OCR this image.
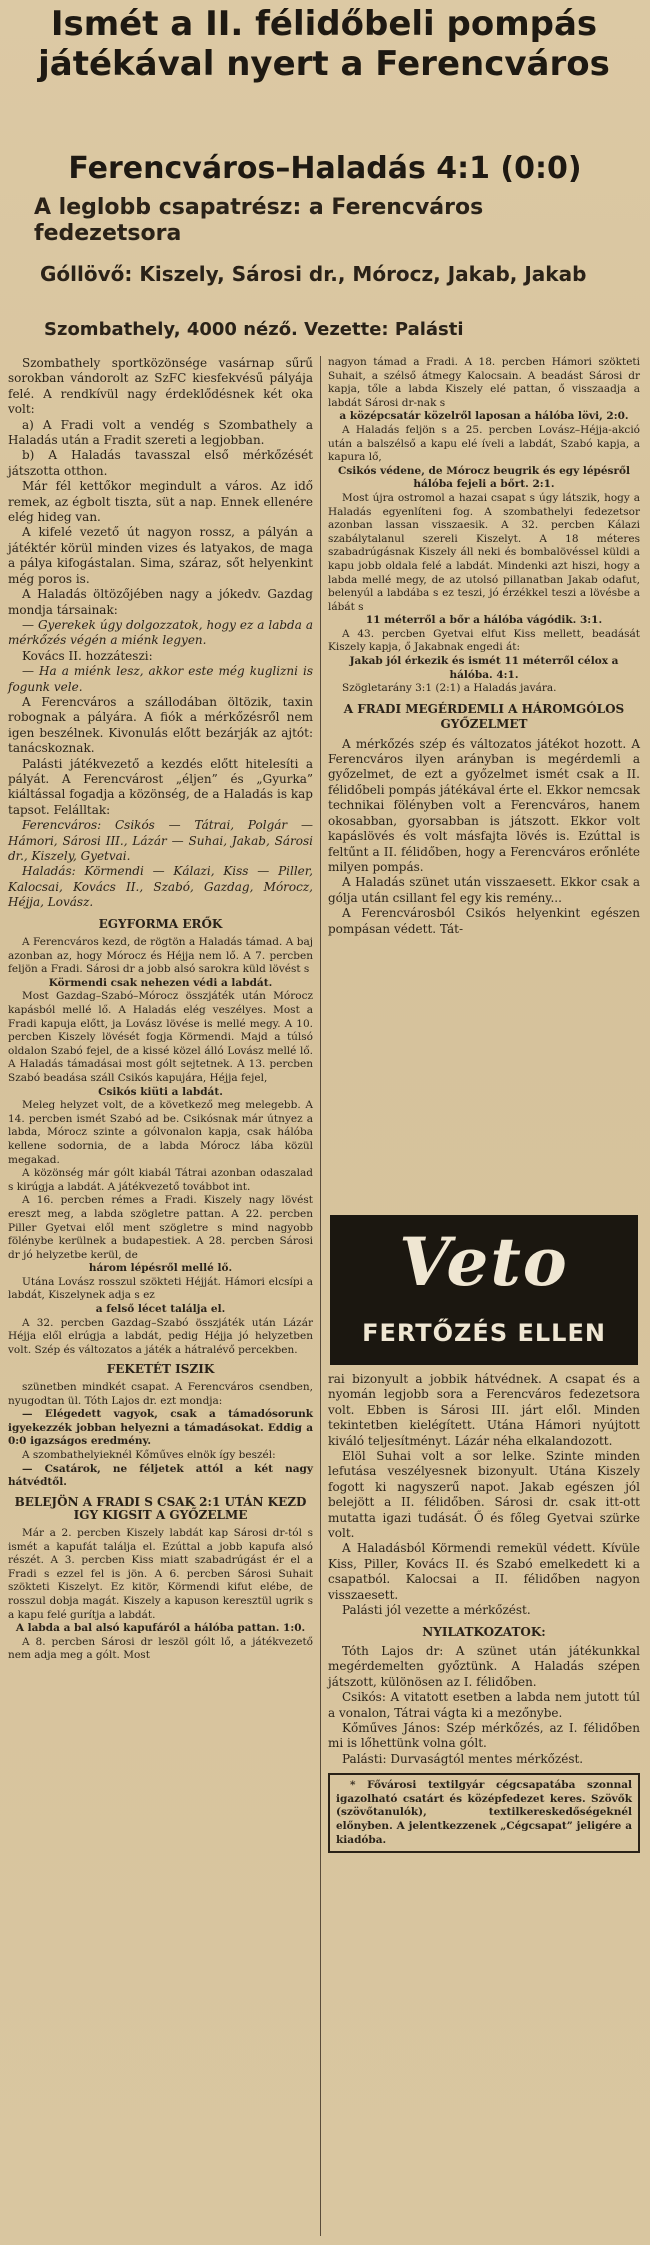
Ismét a II. félidőbeli pompás játékával nyert a Ferencváros
Ferencváros–Haladás 4:1 (0:0)
A leglobb csapatrész: a Ferencváros fedezetsora
Góllövő: Kiszely, Sárosi dr., Mórocz, Jakab, Jakab
Szombathely, 4000 néző. Vezette: Palásti

Szombathely sportközönsége vasárnap sűrű sorokban vándorolt az SzFC kiesfekvésű pályája felé. A rendkívül nagy érdeklődésnek két oka volt:

a) A Fradi volt a vendég s Szombathely a Haladás után a Fradit szereti a legjobban.

b) A Haladás tavasszal első mérkőzését játszotta otthon.

Már fél kettőkor megindult a város. Az idő remek, az égbolt tiszta, süt a nap. Ennek ellenére elég hideg van.

A kifelé vezető út nagyon rossz, a pályán a játéktér körül minden vizes és latyakos, de maga a pálya kifogástalan. Sima, száraz, sőt helyenkint még poros is.

A Haladás öltözőjében nagy a jókedv. Gazdag mondja társainak:

— Gyerekek úgy dolgozzatok, hogy ez a labda a mérkőzés végén a miénk legyen.

Kovács II. hozzáteszi:

— Ha a miénk lesz, akkor este még kuglizni is fogunk vele.

A Ferencváros a szállodában öltözik, taxin robognak a pályára. A fiók a mérkőzésről nem igen beszélnek. Kivonulás előtt bezárják az ajtót: tanácskoznak.

Palásti játékvezető a kezdés előtt hitelesíti a pályát. A Ferencvárost „éljen” és „Gyurka” kiáltással fogadja a közönség, de a Haladás is kap tapsot. Felálltak:

Ferencváros: Csikós — Tátrai, Polgár — Hámori, Sárosi III., Lázár — Suhai, Jakab, Sárosi dr., Kiszely, Gyetvai.

Haladás: Körmendi — Kálazi, Kiss — Piller, Kalocsai, Kovács II., Szabó, Gazdag, Mórocz, Héjja, Lovász.

EGYFORMA ERŐK

A Ferencváros kezd, de rögtön a Haladás támad. A baj azonban az, hogy Mórocz és Héjja nem lő. A 7. percben feljön a Fradi. Sárosi dr a jobb alsó sarokra küld lövést s

Körmendi csak nehezen védi a labdát.

Most Gazdag–Szabó–Mórocz összjáték után Mórocz kapásból mellé lő. A Haladás elég veszélyes. Most a Fradi kapuja előtt, ja Lovász lövése is mellé megy. A 10. percben Kiszely lövését fogja Körmendi. Majd a túlsó oldalon Szabó fejel, de a kissé közel álló Lovász mellé lő. A Haladás támadásai most gólt sejtetnek. A 13. percben Szabó beadása száll Csikós kapujára, Héjja fejel,

Csikós kiüti a labdát.

Meleg helyzet volt, de a következő meg melegebb. A 14. percben ismét Szabó ad be. Csikósnak már útnyez a labda, Mórocz szinte a gólvonalon kapja, csak hálóba kellene sodornia, de a labda Mórocz lába közül megakad.

A közönség már gólt kiabál Tátrai azonban odaszalad s kirúgja a labdát. A játékvezető továbbot int.

A 16. percben rémes a Fradi. Kiszely nagy lövést ereszt meg, a labda szögletre pattan. A 22. percben Piller Gyetvai elől ment szögletre s mind nagyobb fölénybe kerülnek a budapestiek. A 28. percben Sárosi dr jó helyzetbe kerül, de

három lépésről mellé lő.

Utána Lovász rosszul szökteti Héjját. Hámori elcsípi a labdát, Kiszelynek adja s ez

a felső lécet találja el.

A 32. percben Gazdag–Szabó összjáték után Lázár Héjja elől elrúgja a labdát, pedig Héjja jó helyzetben volt. Szép és változatos a játék a hátralévő percekben.

FEKETÉT ISZIK

szünetben mindkét csapat. A Ferencváros csendben, nyugodtan ül. Tóth Lajos dr. ezt mondja:

— Elégedett vagyok, csak a támadósorunk igyekezzék jobban helyezni a támadásokat. Eddig a 0:0 igazságos eredmény.

A szombathelyieknél Kőműves elnök így beszél:

— Csatárok, ne féljetek attól a két nagy hátvédtől.

BELEJÖN A FRADI S CSAK 2:1 UTÁN KEZD IGY KIGSIT A GYŐZELME

Már a 2. percben Kiszely labdát kap Sárosi dr-tól s ismét a kapufát találja el. Ezúttal a jobb kapufa alsó részét. A 3. percben Kiss miatt szabadrúgást ér el a Fradi s ezzel fel is jön. A 6. percben Sárosi Suhait szökteti Kiszelyt. Ez kitör, Körmendi kifut elébe, de rosszul dobja magát. Kiszely a kapuson keresztül ugrik s a kapu felé gurítja a labdát.

A labda a bal alsó kapufáról a hálóba pattan. 1:0.

A 8. percben Sárosi dr leszöl gólt lő, a játékvezető nem adja meg a gólt. Most

nagyon támad a Fradi. A 18. percben Hámori szökteti Suhait, a szélső átmegy Kalocsain. A beadást Sárosi dr kapja, tőle a labda Kiszely elé pattan, ő visszaadja a labdát Sárosi dr-nak s

a középcsatár közelről laposan a hálóba lövi, 2:0.

A Haladás feljön s a 25. percben Lovász–Héjja-akció után a balszélső a kapu elé íveli a labdát, Szabó kapja, a kapura lő,

Csikós védene, de Mórocz beugrik és egy lépésről hálóba fejeli a bőrt. 2:1.

Most újra ostromol a hazai csapat s úgy látszik, hogy a Haladás egyenlíteni fog. A szombathelyi fedezetsor azonban lassan visszaesik. A 32. percben Kálazi szabálytalanul szereli Kiszelyt. A 18 méteres szabadrúgásnak Kiszely áll neki és bombalövéssel küldi a kapu jobb oldala felé a labdát. Mindenki azt hiszi, hogy a labda mellé megy, de az utolsó pillanatban Jakab odafut, belenyúl a labdába s ez teszi, jó érzékkel teszi a lövésbe a lábát s

11 méterről a bőr a hálóba vágódik. 3:1.

A 43. percben Gyetvai elfut Kiss mellett, beadását Kiszely kapja, ő Jakabnak engedi át:

Jakab jól érkezik és ismét 11 méterről célox a hálóba. 4:1.

Szögletarány 3:1 (2:1) a Haladás javára.

A FRADI MEGÉRDEMLI A HÁROMGÓLOS GYŐZELMET

A mérkőzés szép és változatos játékot hozott. A Ferencváros ilyen arányban is megérdemli a győzelmet, de ezt a győzelmet ismét csak a II. félidőbeli pompás játékával érte el. Ekkor nemcsak technikai fölényben volt a Ferencváros, hanem okosabban, gyorsabban is játszott. Ekkor volt kapáslövés és volt másfajta lövés is. Ezúttal is feltűnt a II. félidőben, hogy a Ferencváros erőnléte milyen pompás.

A Haladás szünet után visszaesett. Ekkor csak a gólja után csillant fel egy kis remény...

A Ferencvárosból Csikós helyenkint egészen pompásan védett. Tát-

Veto
FERTŐZÉS ELLEN

rai bizonyult a jobbik hátvédnek. A csapat és a nyomán legjobb sora a Ferencváros fedezetsora volt. Ebben is Sárosi III. járt elől. Minden tekintetben kielégített. Utána Hámori nyújtott kiváló teljesítményt. Lázár néha elkalandozott.

Elöl Suhai volt a sor lelke. Szinte minden lefutása veszélyesnek bizonyult. Utána Kiszely fogott ki nagyszerű napot. Jakab egészen jól belejött a II. félidőben. Sárosi dr. csak itt-ott mutatta igazi tudását. Ő és főleg Gyetvai szürke volt.

A Haladásból Körmendi remekül védett. Kívüle Kiss, Piller, Kovács II. és Szabó emelkedett ki a csapatból. Kalocsai a II. félidőben nagyon visszaesett.

Palásti jól vezette a mérkőzést.

NYILATKOZATOK:

Tóth Lajos dr: A szünet után játékunkkal megérdemelten győztünk. A Haladás szépen játszott, különösen az I. félidőben.

Csikós: A vitatott esetben a labda nem jutott túl a vonalon, Tátrai vágta ki a mezőnybe.

Kőműves János: Szép mérkőzés, az I. félidőben mi is lőhettünk volna gólt.

Palásti: Durvaságtól mentes mérkőzést.

* Fővárosi textilgyár cégcsapatába szonnal igazolható csatárt és középfedezet keres. Szövők (szövőtanulók), textilkereskedőségeknél előnyben. A jelentkezzenek „Cégcsapat” jeligére a kiadóba.
